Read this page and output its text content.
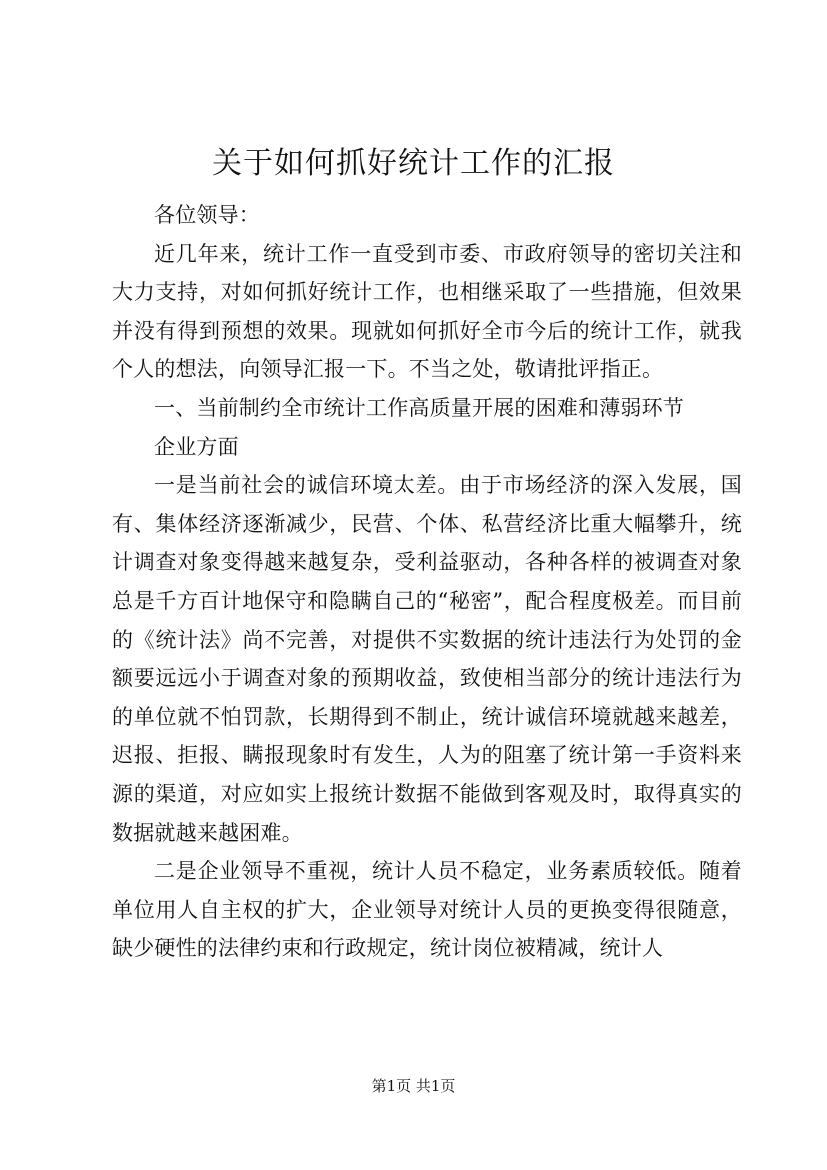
关于如何抓好统计工作的汇报

各位领导：

近几年来，统计工作一直受到市委、市政府领导的密切关注和大力支持，对如何抓好统计工作，也相继采取了一些措施，但效果并没有得到预想的效果。现就如何抓好全市今后的统计工作，就我个人的想法，向领导汇报一下。不当之处，敬请批评指正。

一、当前制约全市统计工作高质量开展的困难和薄弱环节

企业方面

一是当前社会的诚信环境太差。由于市场经济的深入发展，国有、集体经济逐渐减少，民营、个体、私营经济比重大幅攀升，统计调查对象变得越来越复杂，受利益驱动，各种各样的被调查对象总是千方百计地保守和隐瞒自己的“秘密”，配合程度极差。而目前的《统计法》尚不完善，对提供不实数据的统计违法行为处罚的金额要远远小于调查对象的预期收益，致使相当部分的统计违法行为的单位就不怕罚款，长期得到不制止，统计诚信环境就越来越差，迟报、拒报、瞒报现象时有发生，人为的阻塞了统计第一手资料来源的渠道，对应如实上报统计数据不能做到客观及时，取得真实的数据就越来越困难。

二是企业领导不重视，统计人员不稳定，业务素质较低。随着单位用人自主权的扩大，企业领导对统计人员的更换变得很随意，缺少硬性的法律约束和行政规定，统计岗位被精减，统计人

第1页 共1页
